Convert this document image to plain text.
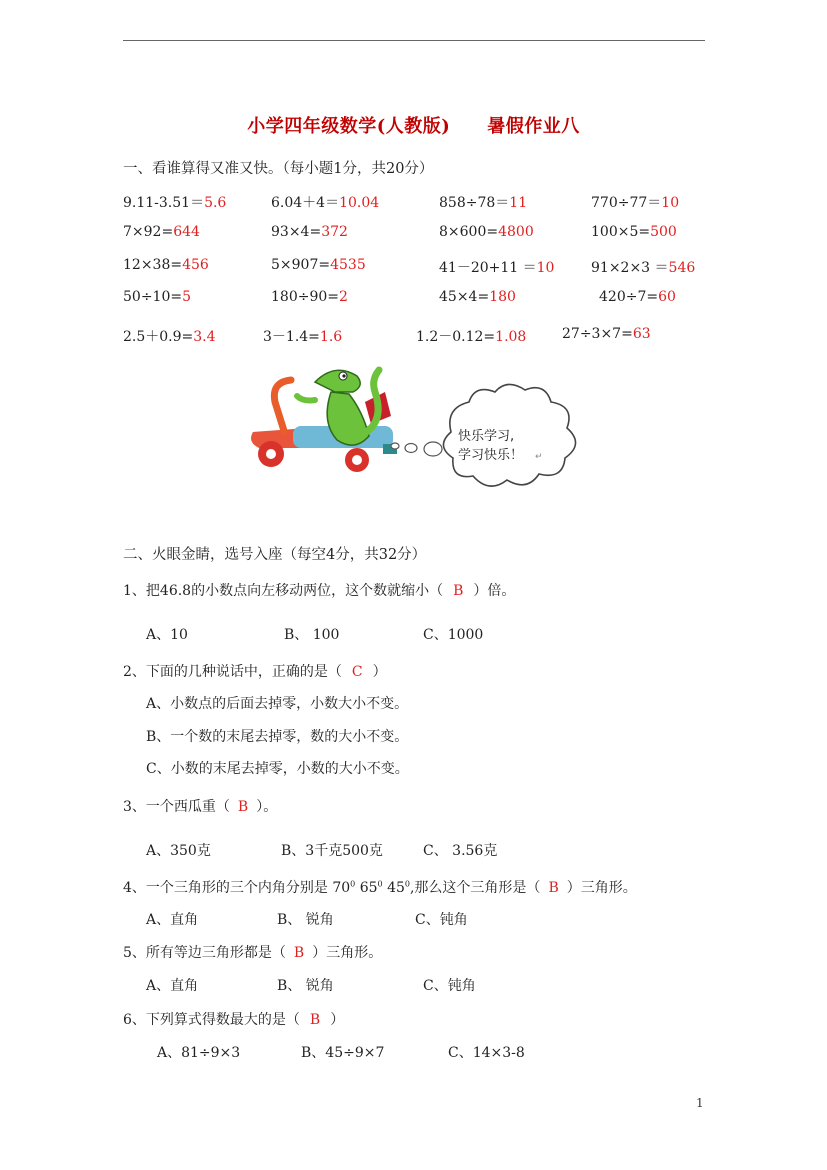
小学四年级数学(人教版)　　暑假作业八
一、看谁算得又准又快。（每小题1分，共20分）
9.11-3.51＝5.6	6.04＋4＝10.04	858÷78＝11	770÷77＝10
7×92=644	93×4=372	8×600=4800	100×5=500
12×38=456	5×907=4535	41－20+11 ＝10	91×2×3 ＝546
50÷10=5	180÷90=2	45×4=180	420÷7=60
2.5＋0.9=3.4	3－1.4=1.6	1.2－0.12=1.08	27÷3×7=63
快乐学习,
学习快乐！ ↵
二、火眼金睛，选号入座（每空4分，共32分）
1、把46.8的小数点向左移动两位，这个数就缩小（ B ）倍。
A、10	B、 100	C、1000
2、下面的几种说话中，正确的是（ C ）
A、小数点的后面去掉零，小数大小不变。
B、一个数的末尾去掉零，数的大小不变。
C、小数的末尾去掉零，小数的大小不变。
3、一个西瓜重（ B ）。
A、350克	B、3千克500克	C、 3.56克
4、一个三角形的三个内角分别是 $70^0$ $65^0$ $45^0$,那么这个三角形是（ B ）三角形。
A、直角	B、 锐角	C、钝角
5、所有等边三角形都是（ B ）三角形。
A、直角	B、 锐角	C、钝角
6、下列算式得数最大的是（ B ）
A、81÷9×3	B、45÷9×7	C、14×3-8
1
